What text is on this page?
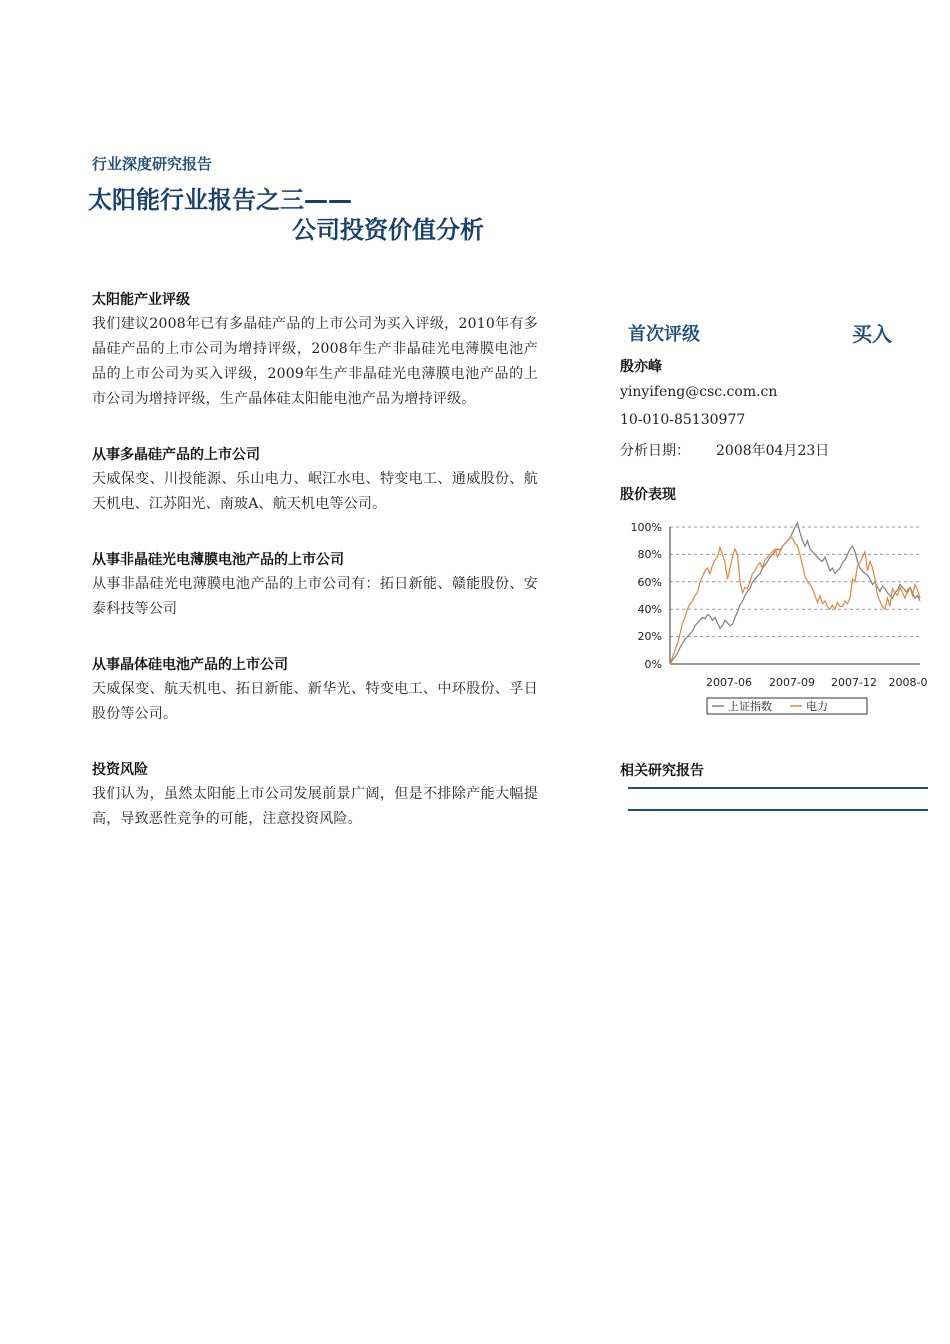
行业深度研究报告
太阳能行业报告之三——
公司投资价值分析
太阳能产业评级
我们建议2008年已有多晶硅产品的上市公司为买入评级，2010年有多晶硅产品的上市公司为增持评级，2008年生产非晶硅光电薄膜电池产品的上市公司为买入评级，2009年生产非晶硅光电薄膜电池产品的上市公司为增持评级，生产晶体硅太阳能电池产品为增持评级。
从事多晶硅产品的上市公司
天威保变、川投能源、乐山电力、岷江水电、特变电工、通威股份、航天机电、江苏阳光、南玻A、航天机电等公司。
从事非晶硅光电薄膜电池产品的上市公司
从事非晶硅光电薄膜电池产品的上市公司有：拓日新能、赣能股份、安泰科技等公司
从事晶体硅电池产品的上市公司
天威保变、航天机电、拓日新能、新华光、特变电工、中环股份、孚日股份等公司。
投资风险
我们认为，虽然太阳能上市公司发展前景广阔，但是不排除产能大幅提高，导致恶性竞争的可能，注意投资风险。
首次评级	买入
殷亦峰
yinyifeng@csc.com.cn
10-010-85130977
分析日期： 2008年04月23日
股价表现
100%
80%
60%
40%
20%
0%
2007-06 2007-09 2007-12 2008-0
上证指数	电力
相关研究报告
